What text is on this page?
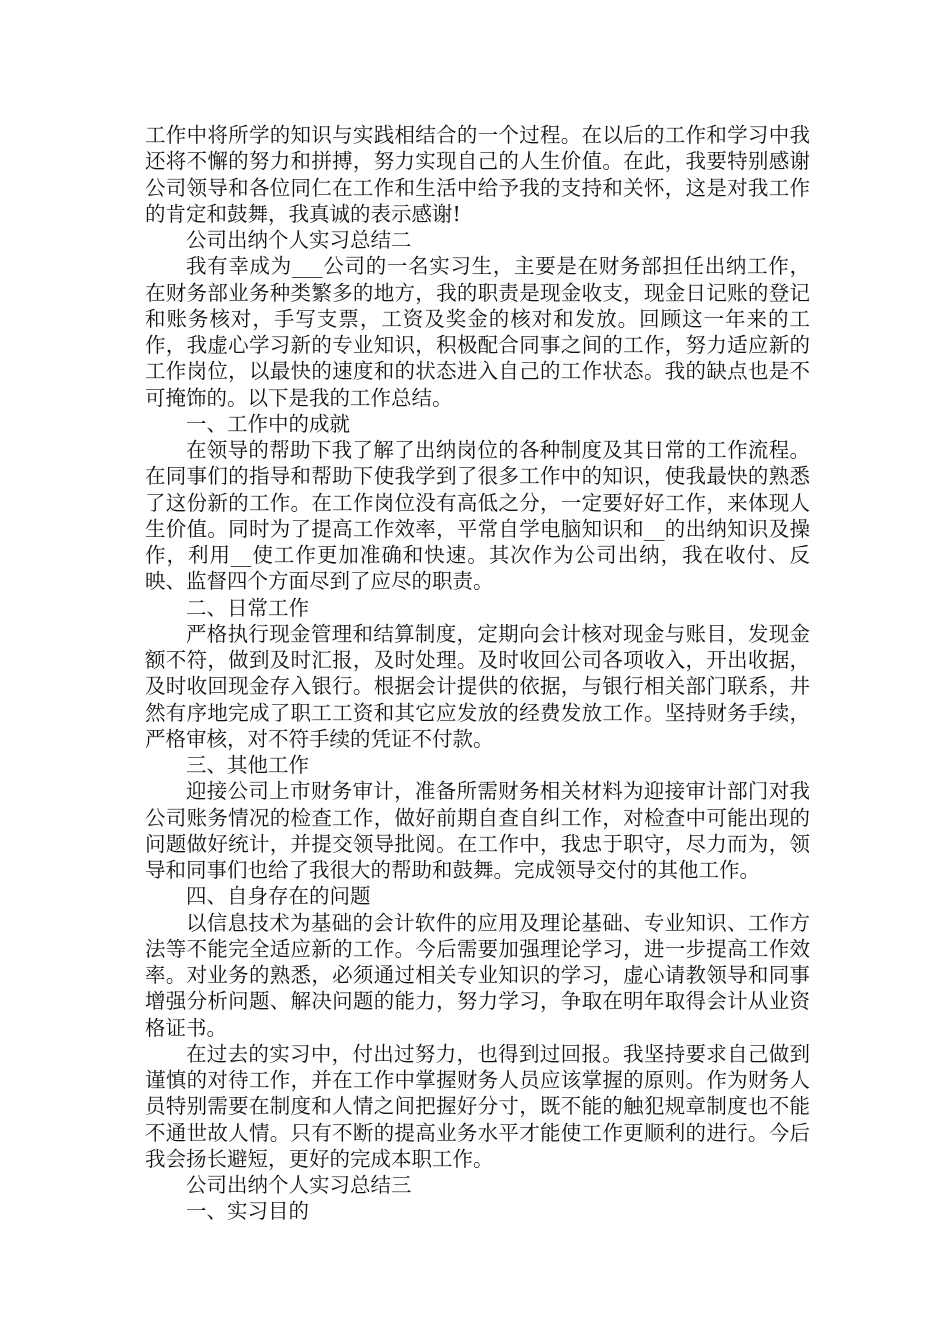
工作中将所学的知识与实践相结合的一个过程。在以后的工作和学习中我还将不懈的努力和拼搏，努力实现自己的人生价值。在此，我要特别感谢公司领导和各位同仁在工作和生活中给予我的支持和关怀，这是对我工作的肯定和鼓舞，我真诚的表示感谢!

公司出纳个人实习总结二

我有幸成为___公司的一名实习生，主要是在财务部担任出纳工作，在财务部业务种类繁多的地方，我的职责是现金收支，现金日记账的登记和账务核对，手写支票，工资及奖金的核对和发放。回顾这一年来的工作，我虚心学习新的专业知识，积极配合同事之间的工作，努力适应新的工作岗位，以最快的速度和的状态进入自己的工作状态。我的缺点也是不可掩饰的。以下是我的工作总结。

一、工作中的成就

在领导的帮助下我了解了出纳岗位的各种制度及其日常的工作流程。在同事们的指导和帮助下使我学到了很多工作中的知识，使我最快的熟悉了这份新的工作。在工作岗位没有高低之分，一定要好好工作，来体现人生价值。同时为了提高工作效率，平常自学电脑知识和__的出纳知识及操作，利用__使工作更加准确和快速。其次作为公司出纳，我在收付、反映、监督四个方面尽到了应尽的职责。

二、日常工作

严格执行现金管理和结算制度，定期向会计核对现金与账目，发现金额不符，做到及时汇报，及时处理。及时收回公司各项收入，开出收据，及时收回现金存入银行。根据会计提供的依据，与银行相关部门联系，井然有序地完成了职工工资和其它应发放的经费发放工作。坚持财务手续，严格审核，对不符手续的凭证不付款。

三、其他工作

迎接公司上市财务审计，准备所需财务相关材料为迎接审计部门对我公司账务情况的检查工作，做好前期自查自纠工作，对检查中可能出现的问题做好统计，并提交领导批阅。在工作中，我忠于职守，尽力而为，领导和同事们也给了我很大的帮助和鼓舞。完成领导交付的其他工作。

四、自身存在的问题

以信息技术为基础的会计软件的应用及理论基础、专业知识、工作方法等不能完全适应新的工作。今后需要加强理论学习，进一步提高工作效率。对业务的熟悉，必须通过相关专业知识的学习，虚心请教领导和同事增强分析问题、解决问题的能力，努力学习，争取在明年取得会计从业资格证书。

在过去的实习中，付出过努力，也得到过回报。我坚持要求自己做到谨慎的对待工作，并在工作中掌握财务人员应该掌握的原则。作为财务人员特别需要在制度和人情之间把握好分寸，既不能的触犯规章制度也不能不通世故人情。只有不断的提高业务水平才能使工作更顺利的进行。今后我会扬长避短，更好的完成本职工作。

公司出纳个人实习总结三

一、实习目的
